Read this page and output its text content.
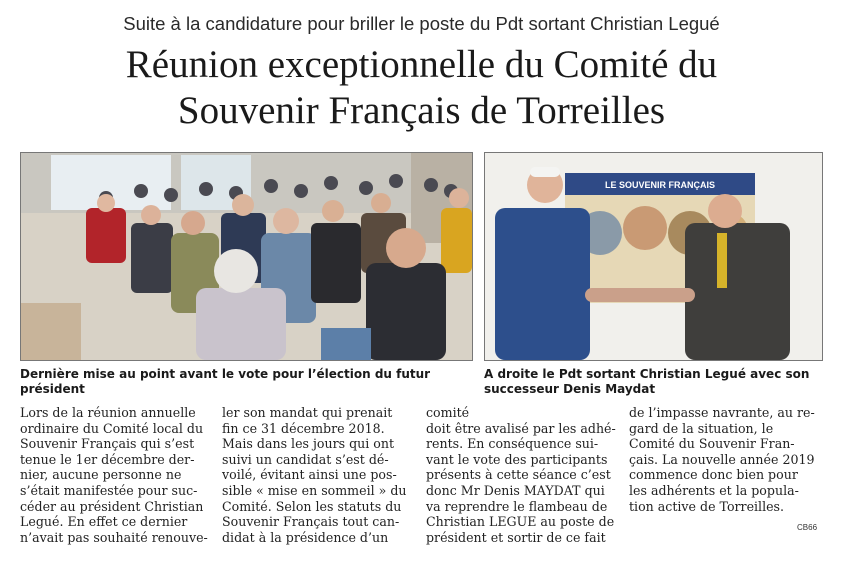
Suite à la candidature pour briller le poste du Pdt sortant Christian Legué
Réunion exceptionnelle du Comité du
Souvenir Français de Torreilles
LE SOUVENIR FRANÇAIS
Dernière mise au point avant le vote pour l’élection du futur président
A droite le Pdt sortant Christian Legué avec son successeur Denis Maydat
Lors de la réunion annuelle
ordinaire du Comité local du
Souvenir Français qui s’est
tenue le 1er décembre der-
nier, aucune personne ne
s’était manifestée pour suc-
céder au président Christian
Legué. En effet ce dernier
n’avait pas souhaité renouve-
ler son mandat qui prenait
fin ce 31 décembre 2018.
Mais dans les jours qui ont
suivi un candidat s’est dé-
voilé, évitant ainsi une pos-
sible « mise en sommeil » du
Comité. Selon les statuts du
Souvenir Français tout can-
didat à la présidence d’un
comité
doit être avalisé par les adhé-
rents. En conséquence sui-
vant le vote des participants
présents à cette séance c’est
donc Mr Denis MAYDAT qui
va reprendre le flambeau de
Christian LEGUE au poste de
président et sortir de ce fait
de l’impasse navrante, au re-
gard de la situation, le
Comité du Souvenir Fran-
çais. La nouvelle année 2019
commence donc bien pour
les adhérents et la popula-
tion active de Torreilles.
CB66
